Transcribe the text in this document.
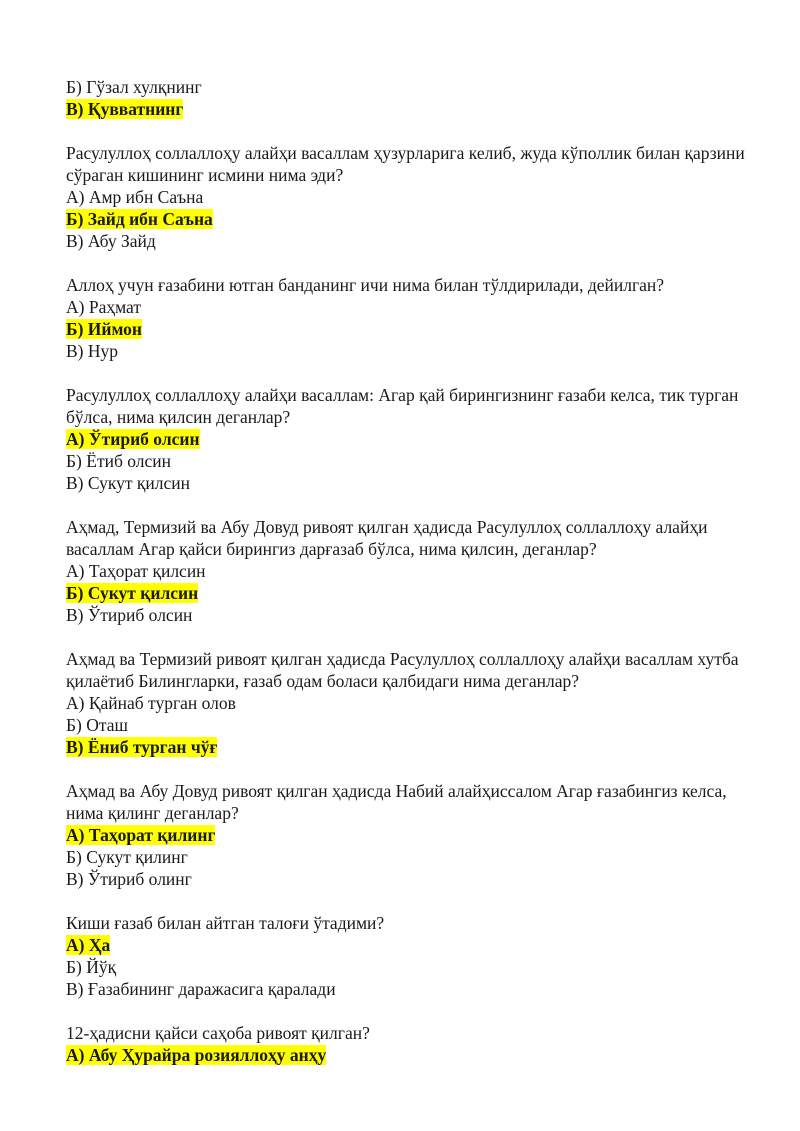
Б) Гўзал хулқнинг
В) Қувватнинг
Расулуллоҳ соллаллоҳу алайҳи васаллам ҳузурларига келиб, жуда кўполлик билан қарзини сўраган кишининг исмини нима эди?
А) Амр ибн Саъна
Б) Зайд ибн Саъна
В) Абу Зайд
Аллоҳ учун ғазабини ютган банданинг ичи нима билан тўлдирилади, дейилган?
А) Раҳмат
Б) Иймон
В) Нур
Расулуллоҳ соллаллоҳу алайҳи васаллам: Агар қай бирингизнинг ғазаби келса, тик турган бўлса, нима қилсин деганлар?
А) Ўтириб олсин
Б) Ётиб олсин
В) Сукут қилсин
Аҳмад, Термизий ва Абу Довуд ривоят қилган ҳадисда Расулуллоҳ соллаллоҳу алайҳи васаллам Агар қайси бирингиз дарғазаб бўлса, нима қилсин, деганлар?
А) Таҳорат қилсин
Б) Сукут қилсин
В) Ўтириб олсин
Аҳмад ва Термизий ривоят қилган ҳадисда Расулуллоҳ соллаллоҳу алайҳи васаллам хутба қилаётиб Билингларки, ғазаб одам боласи қалбидаги нима деганлар?
А) Қайнаб турган олов
Б) Оташ
В) Ёниб турган чўғ
Аҳмад ва Абу Довуд ривоят қилган ҳадисда Набий алайҳиссалом Агар ғазабингиз келса, нима қилинг деганлар?
А) Таҳорат қилинг
Б) Сукут қилинг
В) Ўтириб олинг
Киши ғазаб билан айтган талоғи ўтадими?
А) Ҳа
Б) Йўқ
В) Ғазабининг даражасига қаралади
12-ҳадисни қайси саҳоба ривоят қилган?
А) Абу Ҳурайра розияллоҳу анҳу
